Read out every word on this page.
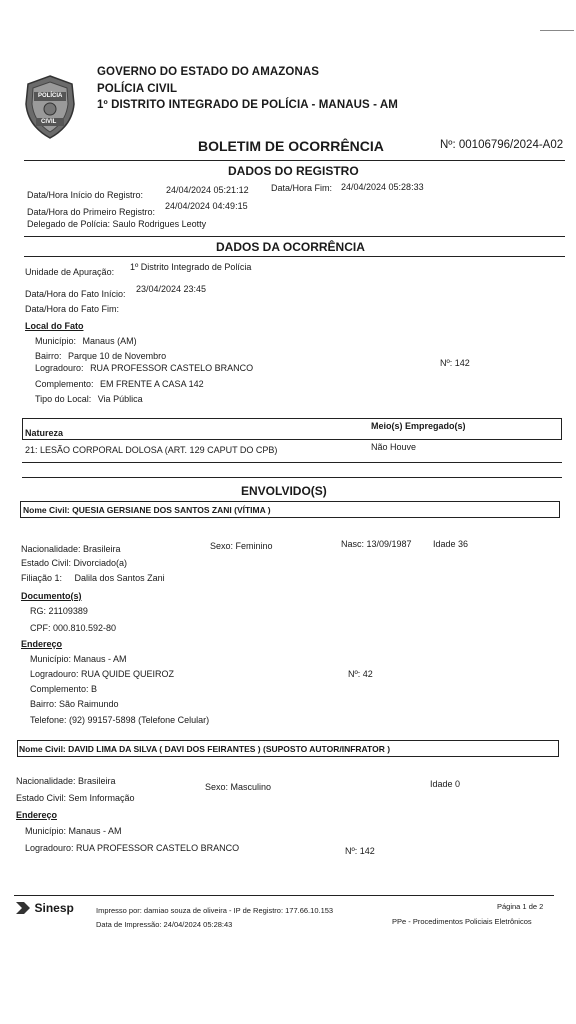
POLÍCIA
CIVIL
GOVERNO DO ESTADO DO AMAZONAS
POLÍCIA CIVIL
1º DISTRITO INTEGRADO DE POLÍCIA - MANAUS - AM
BOLETIM DE OCORRÊNCIA	Nº: 00106796/2024-A02
DADOS DO REGISTRO
Data/Hora Início do Registro:	24/04/2024 05:21:12 Data/Hora Fim: 24/04/2024 05:28:33
Data/Hora do Primeiro Registro:
24/04/2024 04:49:15
Delegado de Polícia: Saulo Rodrigues Leotty
DADOS DA OCORRÊNCIA
Unidade de Apuração: 1º Distrito Integrado de Polícia
Data/Hora do Fato Início: 23/04/2024 23:45
Data/Hora do Fato Fim:
Local do Fato
Município: Manaus (AM)
Bairro: Parque 10 de Novembro
Logradouro: RUA PROFESSOR CASTELO BRANCO	Nº: 142
Complemento: EM FRENTE A CASA 142
Tipo do Local: Via Pública
Natureza
Meio(s) Empregado(s)
21: LESÃO CORPORAL DOLOSA (ART. 129 CAPUT DO CPB)	Não Houve
ENVOLVIDO(S)
Nome Civil: QUESIA GERSIANE DOS SANTOS ZANI (VÍTIMA )
Nacionalidade: Brasileira	Sexo: Feminino	Nasc: 13/09/1987 Idade 36
Estado Civil: Divorciado(a)
Filiação 1: Dalila dos Santos Zani
Documento(s)
RG: 21109389
CPF: 000.810.592-80
Endereço
Município: Manaus - AM
Logradouro: RUA QUIDE QUEIROZ	Nº: 42
Complemento: B
Bairro: São Raimundo
Telefone: (92) 99157-5898 (Telefone Celular)
Nome Civil: DAVID LIMA DA SILVA ( DAVI DOS FEIRANTES ) (SUPOSTO AUTOR/INFRATOR )
Nacionalidade: Brasileira
Sexo: Masculino	Idade 0
Estado Civil: Sem Informação
Endereço
Município: Manaus - AM
Logradouro: RUA PROFESSOR CASTELO BRANCO	Nº: 142
Sinesp	Impresso por: damiao souza de oliveira - IP de Registro: 177.66.10.153
Data de Impressão: 24/04/2024 05:28:43
Página 1 de 2
PPe - Procedimentos Policiais Eletrônicos
